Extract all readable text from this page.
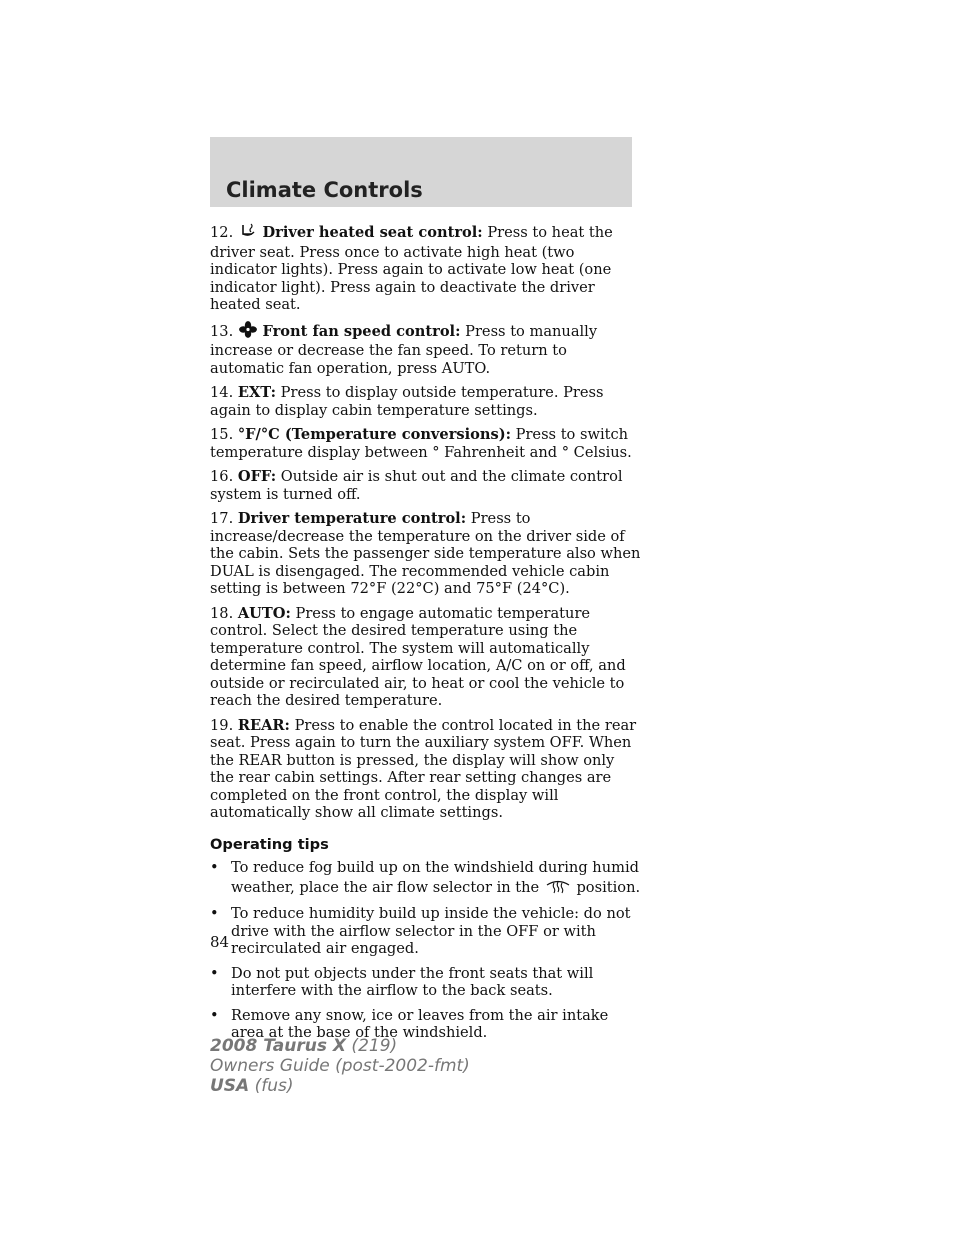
Climate Controls

12. Driver heated seat control: Press to heat the driver seat. Press once to activate high heat (two indicator lights). Press again to activate low heat (one indicator light). Press again to deactivate the driver heated seat.

13. Front fan speed control: Press to manually increase or decrease the fan speed. To return to automatic fan operation, press AUTO.

14. EXT: Press to display outside temperature. Press again to display cabin temperature settings.

15. °F/°C (Temperature conversions): Press to switch temperature display between ° Fahrenheit and ° Celsius.

16. OFF: Outside air is shut out and the climate control system is turned off.

17. Driver temperature control: Press to increase/decrease the temperature on the driver side of the cabin. Sets the passenger side temperature also when DUAL is disengaged. The recommended vehicle cabin setting is between 72°F (22°C) and 75°F (24°C).

18. AUTO: Press to engage automatic temperature control. Select the desired temperature using the temperature control. The system will automatically determine fan speed, airflow location, A/C on or off, and outside or recirculated air, to heat or cool the vehicle to reach the desired temperature.

19. REAR: Press to enable the control located in the rear seat. Press again to turn the auxiliary system OFF. When the REAR button is pressed, the display will show only the rear cabin settings. After rear setting changes are completed on the front control, the display will automatically show all climate settings.

Operating tips
• To reduce fog build up on the windshield during humid weather, place the air flow selector in the  position.
• To reduce humidity build up inside the vehicle: do not drive with the airflow selector in the OFF or with recirculated air engaged.
• Do not put objects under the front seats that will interfere with the airflow to the back seats.
• Remove any snow, ice or leaves from the air intake area at the base of the windshield.

84

2008 Taurus X (219)
Owners Guide (post-2002-fmt)
USA (fus)
